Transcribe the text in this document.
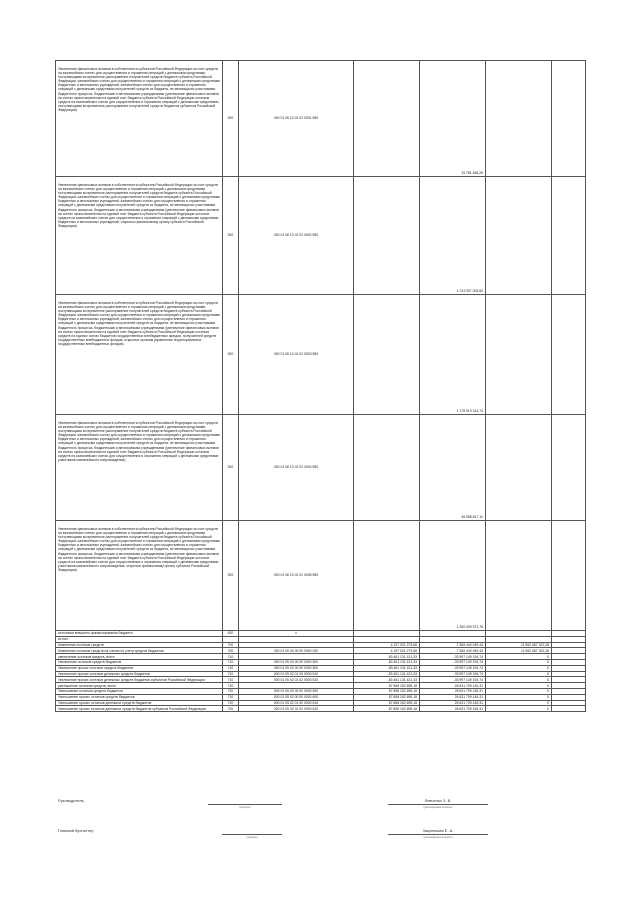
Увеличение финансовых активов в собственности субъектов Российской Федерации за счет средств на казначейских счетах для осуществления и отражения операций с денежными средствами, поступающими во временное распоряжение получателей средств бюджета субъекта Российской Федерации, казначейских счетах для осуществления и отражения операций с денежными средствами бюджетных и автономных учреждений, казначейских счетах для осуществления и отражения операций с денежными средствами получателей средств из бюджета, не являющихся участниками бюджетного процесса, бюджетными и автономными учреждениями (увеличение финансовых активов на счетах приостановления на единый счет бюджета субъекта Российской Федерации остатков средств на казначейских счетах для осуществления и отражения операций с денежными средствами, поступающими во временное распоряжение получателей средств бюджетов субъектов Российской Федерации)	520	000 01 06 10 02 02 0001 550		19 781 466,26		
Увеличение финансовых активов в собственности субъектов Российской Федерации за счет средств на казначейских счетах для осуществления и отражения операций с денежными средствами, поступающими во временное распоряжение получателей средств бюджета субъекта Российской Федерации, казначейских счетах для осуществления и отражения операций с денежными средствами бюджетных и автономных учреждений, казначейских счетах для осуществления и отражения операций с денежными средствами получателей средств из бюджета, не являющихся участниками бюджетного процесса, бюджетными и автономными учреждениями (увеличение финансовых активов на счетах приостановления на единый счет бюджета субъекта Российской Федерации остатков средств на казначейских счетах для осуществления и отражения операций с денежными средствами бюджетных и автономных учреждений, открытых финансовому органу субъекта Российской Федерации)	520	000 01 06 10 02 02 0002 550		4 724 907 003,60		
Увеличение финансовых активов в собственности субъектов Российской Федерации за счет средств на казначейских счетах для осуществления и отражения операций с денежными средствами, поступающими во временное распоряжение получателей средств бюджета субъекта Российской Федерации, казначейских счетах для осуществления и отражения операций с денежными средствами бюджетных и автономных учреждений, казначейских счетах для осуществления и отражения операций с денежными средствами получателей средств из бюджета, не являющихся участниками бюджетного процесса, бюджетными и автономными учреждениями (увеличение финансовых активов на счетах приостановления на единый счет бюджета субъекта Российской Федерации остатков средств на единых счетах бюджетов государственных внебюджетных фондов, получателей средств государственных внебюджетных фондов, открытых органам управления территориальных государственных внебюджетных фондов)	520	000 01 06 10 02 02 0003 550		1 178 910 314,74		
Увеличение финансовых активов в собственности субъектов Российской Федерации за счет средств на казначейских счетах для осуществления и отражения операций с денежными средствами, поступающими во временное распоряжение получателей средств бюджета субъекта Российской Федерации, казначейских счетах для осуществления и отражения операций с денежными средствами бюджетных и автономных учреждений, казначейских счетах для осуществления и отражения операций с денежными средствами получателей средств из бюджета, не являющихся участниками бюджетного процесса, бюджетными и автономными учреждениями (увеличение финансовых активов на счетах приостановления на единый счет бюджета субъекта Российской Федерации остатков средств на казначейских счетах для осуществления и отражения операций с денежными средствами участников казначейского сопровождения)	520	000 01 06 10 02 02 0004 550		45 958 817,10		
Увеличение финансовых активов в собственности субъектов Российской Федерации за счет средств на казначейских счетах для осуществления и отражения операций с денежными средствами, поступающими во временное распоряжение получателей средств бюджета субъекта Российской Федерации, казначейских счетах для осуществления и отражения операций с денежными средствами бюджетных и автономных учреждений, казначейских счетах для осуществления и отражения операций с денежными средствами получателей средств из бюджета, не являющихся участниками бюджетного процесса, бюджетными и автономными учреждениями (увеличение финансовых активов на счетах приостановления на единый счет бюджета субъекта Российской Федерации остатков средств на казначейских счетах для осуществления и отражения операций с денежными средствами участников казначейского сопровождения, открытых финансовому органу субъекта Российской Федерации)	520	000 01 06 10 02 02 0005 550		1 260 009 972,76		
источники внешнего финансирования бюджета	620	x				
из них:						
Изменение остатков средств	700		4 197 021 273,66	-7 365 440 049,43	11 562 467 322,28	
Изменение остатков средств на счетах по учету средств бюджетов	700	000 01 05 00 00 00 0000 000	4 197 021 273,66	-7 365 440 049,43	11 562 467 322,28	
увеличение остатков средств, всего	710		-83 461 131 421,33	-33 997 149 194,74	X	
Увеличение остатков средств бюджетов	710	000 01 05 00 00 00 0000 500	-83 461 131 421,33	-33 997 149 194,74	X	
Увеличение прочих остатков средств бюджетов	710	000 01 05 02 00 00 0000 500	-83 461 131 421,33	-33 997 149 194,74	X	
Увеличение прочих остатков денежных средств бюджетов	710	000 01 05 02 01 00 0000 510	-83 461 131 421,33	-33 997 149 194,74	X	
Увеличение прочих остатков денежных средств бюджетов субъектов Российской Федерации	710	000 01 05 02 01 02 0000 510	-83 461 131 421,33	-33 997 149 194,74	X	
уменьшение остатков средств, всего	720		87 658 152 695,18	26 631 709 145,31	X	
Уменьшение остатков средств бюджетов	720	000 01 05 00 00 00 0000 600	87 658 152 695,18	26 631 709 145,31	X	
Уменьшение прочих остатков средств бюджетов	720	000 01 05 02 00 00 0000 600	87 658 152 695,18	26 631 709 145,31	X	
Уменьшение прочих остатков денежных средств бюджетов	720	000 01 05 02 01 00 0000 610	87 658 152 695,18	26 631 709 145,31	X	
Уменьшение прочих остатков денежных средств бюджетов субъектов Российской Федерации	720	000 01 05 02 01 02 0000 610	87 658 152 695,18	26 631 709 145,31	X	
Руководитель
(подпись)
Левченко З. В.
(расшифровка подписи)
Главный бухгалтер
(подпись)
Закревская Е. А.
(расшифровка подписи)
